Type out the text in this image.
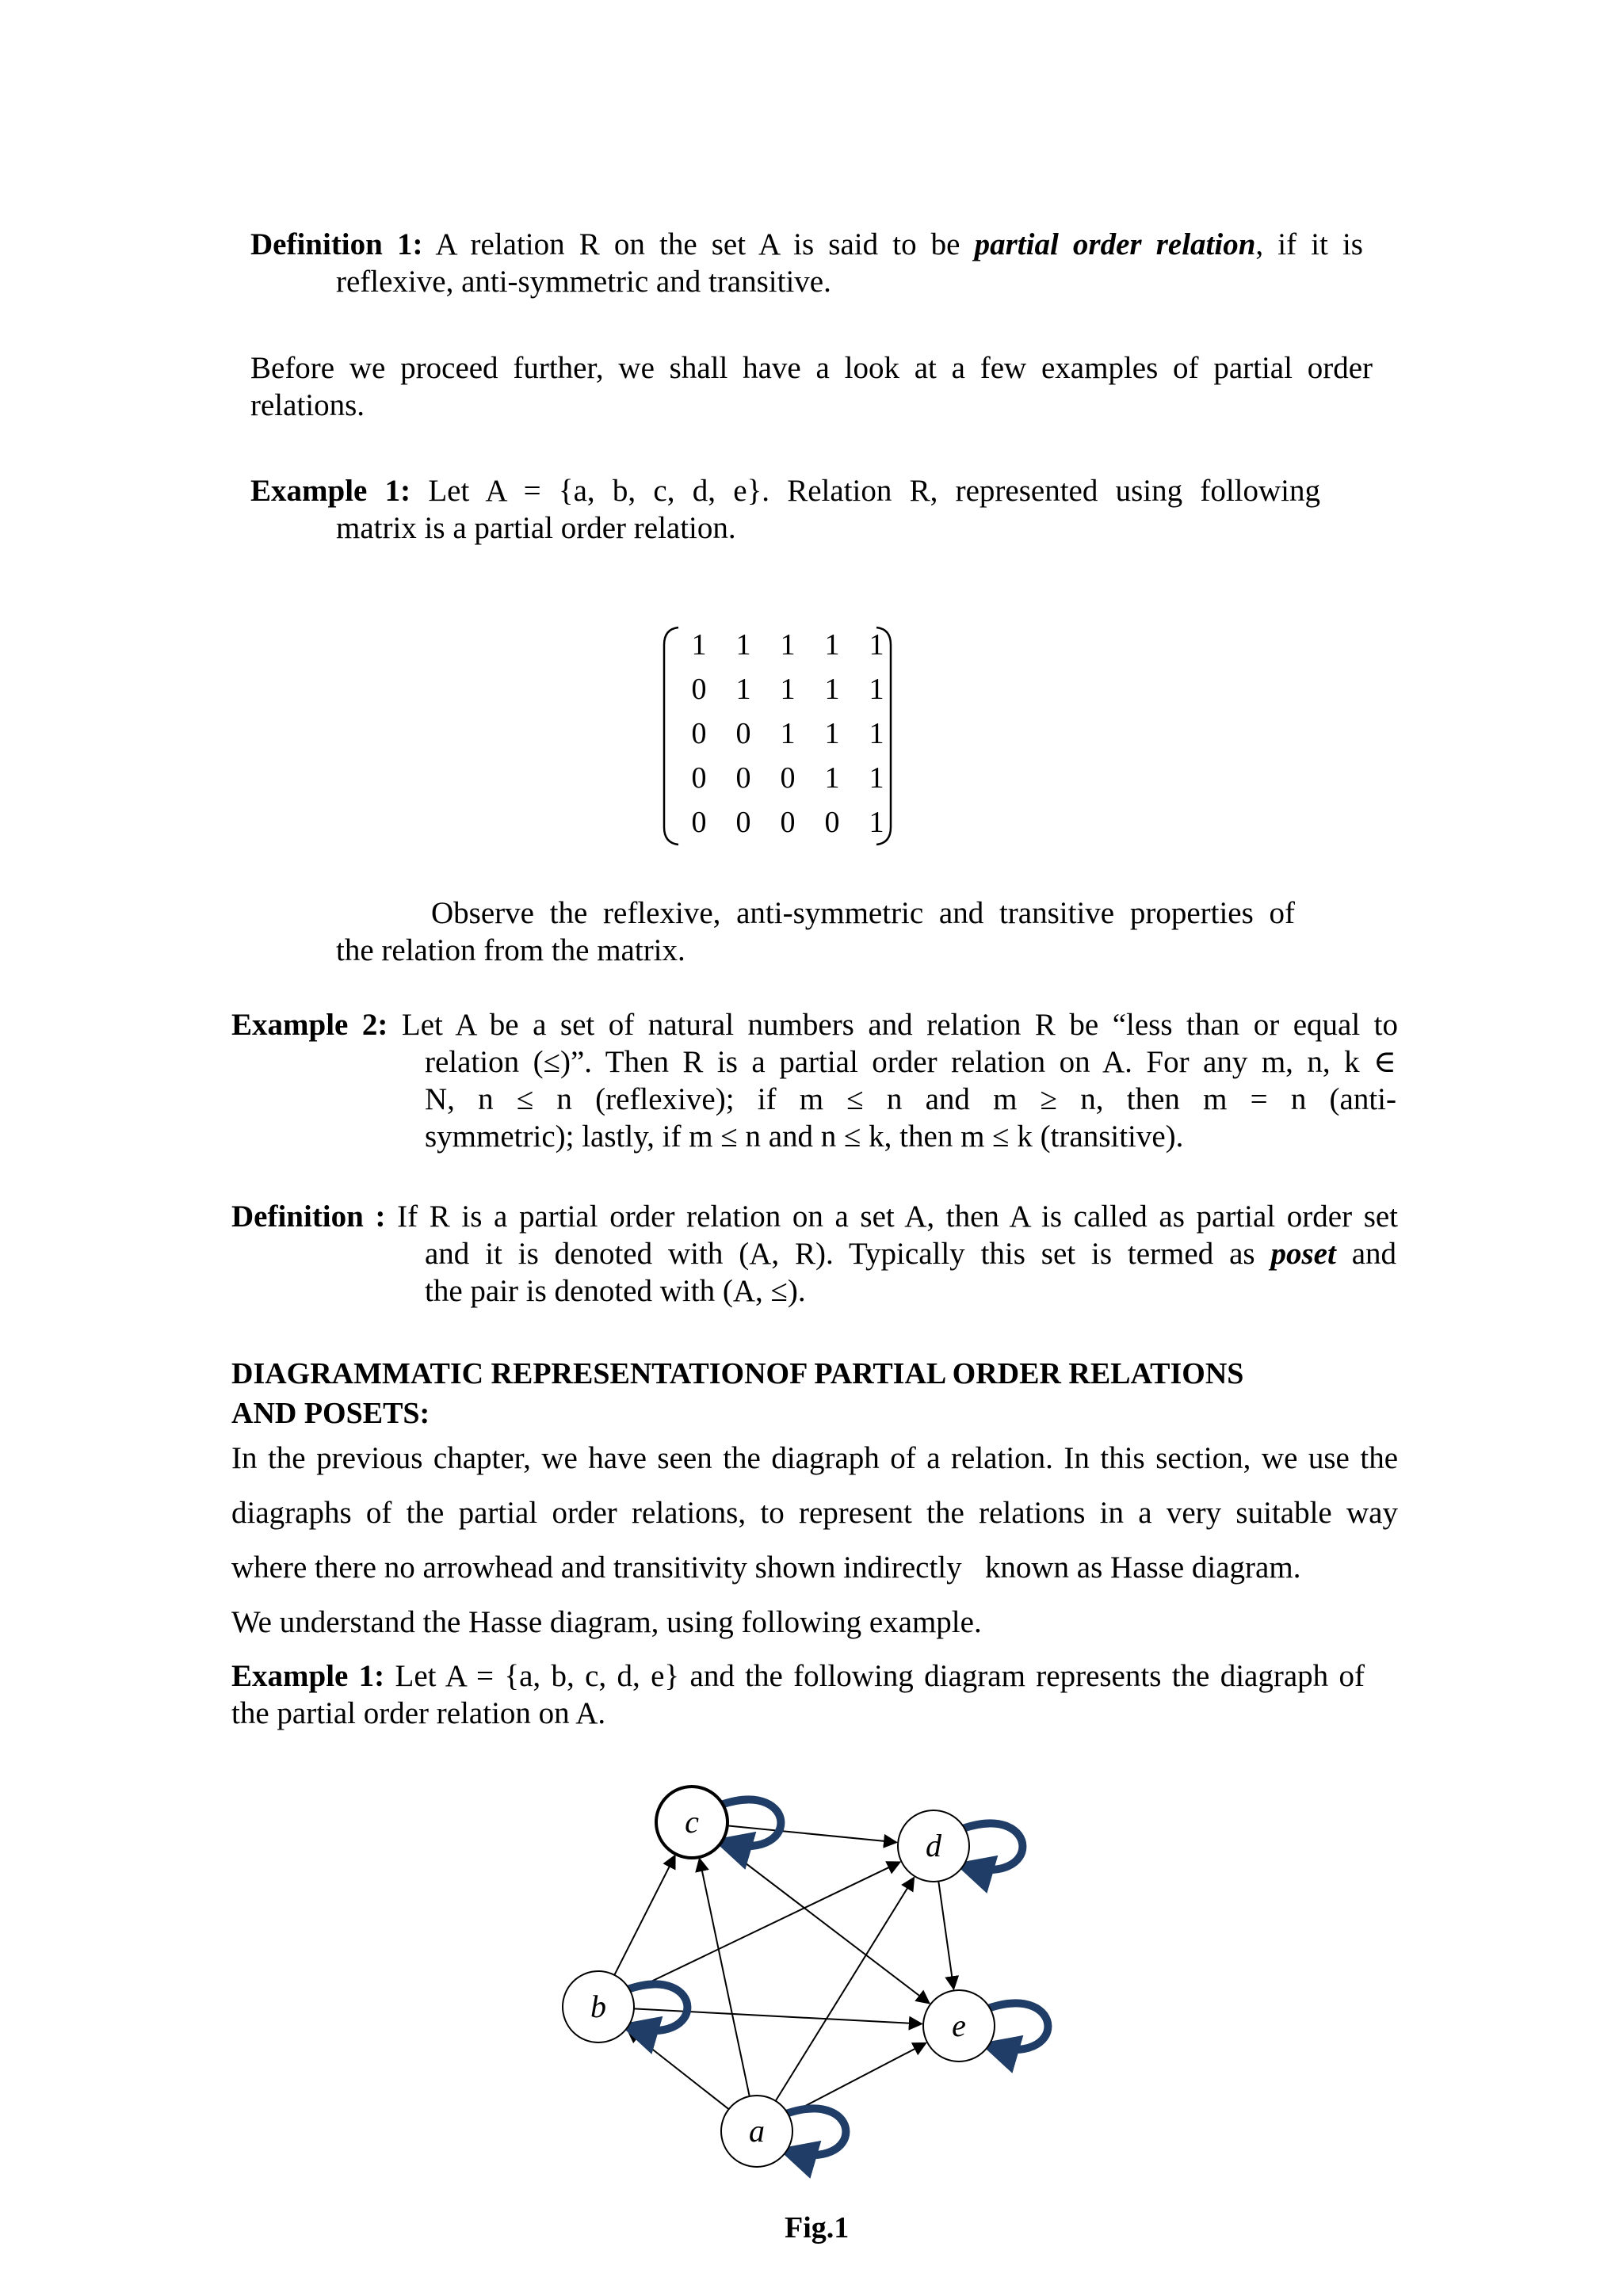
Definition 1: A relation R on the set A is said to be partial order relation, if it is
reflexive, anti-symmetric and transitive.
Before we proceed further, we shall have a look at a few examples of partial order
relations.
Example 1: Let A = {a, b, c, d, e}. Relation R, represented using following
matrix is a partial order relation.
1 1 1 1 1
0 1 1 1 1
0 0 1 1 1
0 0 0 1 1
0 0 0 0 1
Observe the reflexive, anti-symmetric and transitive properties of
the relation from the matrix.
Example 2: Let A be a set of natural numbers and relation R be “less than or equal to
relation (≤)”. Then R is a partial order relation on A. For any m, n, k ∈
N, n ≤ n (reflexive); if m ≤ n and m ≥ n, then m = n (anti-
symmetric); lastly, if m ≤ n and n ≤ k, then m ≤ k (transitive).
Definition : If R is a partial order relation on a set A, then A is called as partial order set
and it is denoted with (A, R). Typically this set is termed as poset and
the pair is denoted with (A, ≤).
DIAGRAMMATIC REPRESENTATIONOF PARTIAL ORDER RELATIONS
AND POSETS:
In the previous chapter, we have seen the diagraph of a relation. In this section, we use the
diagraphs of the partial order relations, to represent the relations in a very suitable way
where there no arrowhead and transitivity shown indirectly   known as Hasse diagram.
We understand the Hasse diagram, using following example.
Example 1: Let A = {a, b, c, d, e} and the following diagram represents the diagraph of
the partial order relation on A.
c
d
b
e
a
Fig.1
